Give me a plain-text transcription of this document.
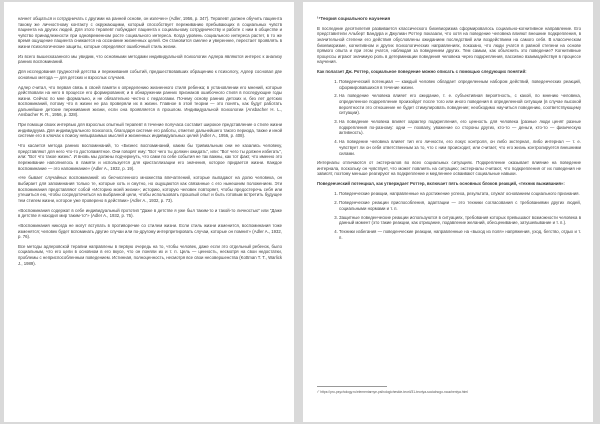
начнет общаться и сотрудничать с другими на ранней основе, он излечен» (Adler, 1956, p. 347). Терапевт должен обучить пациента такому же личностному контакту с окружающими, который способствует переживанию пребывающих в социальных чувств пациента на других людей. Для этого терапевт побуждает пациента к социальному сотрудничеству и работе с ним в обществе и чувство принадлежности при одновременном росте социального интереса. Когда уровень социального интереса растет, в то же время ощущение пациента снижается на осознание жизненных целей. Он становится смелее и увереннее, перестает проявлять в жизни психологические защиты, которые определяют ошибочный стиль жизни.

Из всего вышесказанного мы увидим, что основными методами индивидуальной психологии Адлера являются интерес к анализу ранних воспоминаний.

Для исследования трудностей детства и переживания событий, предшествовавших обращению к психологу, Адлер сосновал две основных метода — для детских и взрослых случаев.

Адлер считал, что первая связь в своей памяти к определению жизненного стиля ребенка; в установлении его мнений, которые действовали на него в процессе его формирования; и в обнаружении ранних признаков ошибочного стиля в последующие годы жизни. Сейчас по мне формально, и не обязательно честно с педагогами. Почему основу ранних детских и, без лет детских воспоминаний, потому что в жизни не раз проверяли их в жизни. Главное в этой теории — это понять, как будут работать дальнейшие детские переживания жизни, если она проявляется в прошлом. Индивидуальной психологии (Ansbacher H. L., Ansbacher R. R., 1956, p. 328).

При помощи своих интервью для взрослых опытный терапевт в течение получаса составит широкое представление о стиле жизни индивидуума. Для индивидуального психолога, благодаря системе его работы, отметил дальнейшего такого периода, также и иной системе его в ключах к поиску невыразимых мыслей и жизненных индивидуальных целей (Adler A., 1956, p. 408).

Что касается метода ранних воспоминаний, то «Бизнес воспоминаний, каким бы тривиальным они не казались человеку, представляют для него что-то достопамятное. Они говорят ему: "Вот чего ты должен ожидать", или: "Вот чего ты должен избегать", или: "Вот что такое жизнь". И вновь мы должны подчеркнуть, что сами по себе события не так важны, как тот факт, что именно это переживание наполнилось в памяти и используется для кристаллизации его значения, которое придается жизни. Каждое воспоминание — это напоминание» (Adler A., 1932, p. 19).

«Не бывает случайных воспоминаний: из бесчисленного множества впечатлений, которые выпадают на долю человека, он выбирает для запоминания только те, которые хоть и смутно, но ощущаются как связанные с его нынешним положением. Эти воспоминания представляют собой «Историю моей жизни»; историю, которую человек повторяет, чтобы предостеречь себя или утешиться ею, чтобы сосредоточиться на выбранной цели, чтобы использовать прошлый опыт и быть готовым встретить будущее тем стилем жизни, которое уже проверено в действии» (Adler A., 1932, p. 73).

«Воспоминания содержат в себе индивидуальный прототип "Даже в детстве я уже был таким-то и такой-то личностью" или "Даже в детстве я находил мир таким-то"» (Adler A., 1932, p. 75).

«Воспоминания никогда не могут вступать в противоречие со стилем жизни. Если стиль жизни изменится, воспоминания тоже изменятся; человек будет вспоминать другие случаи или по-другому интерпретировать случаи, которые он помнит» (Adler A., 1932, p. 76).

Все методы адлеровской терапии направлены в первую очередь на то, чтобы человек, даже если это отдельный ребенок, было социальным, что его цели в основном в его вкусе, что он поняли их и т. п. Цель — ценность, несмотря на свои недостатки, проблемы с неприспособленным поведением. Истинная, полноценность, несмотря все свои несовершенства (Kottman T. T., Warlick J., 1989).

¹⁷Теория социального научения

В последние десятилетия развивается классического бихевиоризма сформировалось социально-когнитивное направление. Его представители Альберт Бандура и Джулиан Роттер показали, что хотя на поведение человека влияют внешние подкрепления, в значительной степени его действия обусловлены ожиданием последствий или воздействием на самого себя. В классическом бихевиоризме, когнитивном и других психологических направлениях, показано, что люди учатся в равной степени на основе прямого опыта и при этом учатся, наблюдая за поведением других. Тем самым, как объяснить это поведение? Когнитивные процессы играют значимую роль в детерминации поведения человека через подкрепления, пассивно взаимодействуя в процессе научения.

Как полагает Дж. Роттер, социальное поведение можно описать с помощью следующих понятий:

1. Поведенческий потенциал — каждый человек обладает определенным набором действий, поведенческих реакций, сформировавшихся в течение жизни.
2. На поведение человека влияет его ожидание, т. е. субъективная вероятность, с какой, по мнению человека, определенное подкрепление произойдет после того или иного поведения в определенной ситуации (в случае высокой вероятности это отношение не будет стимулировать поведение; необходимо научиться поведению, соответствующему ситуации).
3. На поведение человека влияет характер подкрепления, его ценность для человека (разные люди ценят разные подкрепления по-разному: одни — похвалу, уважение со стороны других, кто-то — деньги, кто-то — физическую активность).
4. На поведение человека влияет тип его личности, его локус контроля, он либо экстернал, либо интернал — т. е. чувствует ли он себя ответственным за то, что с ним происходит, или считает, что его жизнь контролируется внешними силами.

Интерналы отличаются от экстерналов во всех социальных ситуациях. Подкрепление оказывает влияние на поведение интернала, поскольку он чувствует, что может повлиять на ситуацию; экстерналы считают, что подкрепления от их поведения не зависят, поэтому меньше реагируют на подкрепление и медленнее осваивают социальные навыки.

Поведенческий потенциал, как утверждает Роттер, включает пять основных блоков реакций, «техник выживания»:

1. Поведенческие реакции, направленные на достижение успеха, результата, служат основанием социального признания.
2. Поведенческие реакции приспособления, адаптации — это техники согласования с требованиями других людей, социальными нормами и т. п.
3. Защитные поведенческие реакции используются в ситуациях, требования которых превышают возможности человека в данный момент (это такие реакции, как отрицание, подавление желаний, обесценивание, затушевывание и т. п.).
4. Техники избегания — поведенческие реакции, направленные на «выход из поля» напряжения, уход, бегство, отдых и т. п.
¹⁷ https://pro-psychology.ru/elementarnye-psihologicheskie-teorii/31-teoriya-socialnogo-naucheniya.html
